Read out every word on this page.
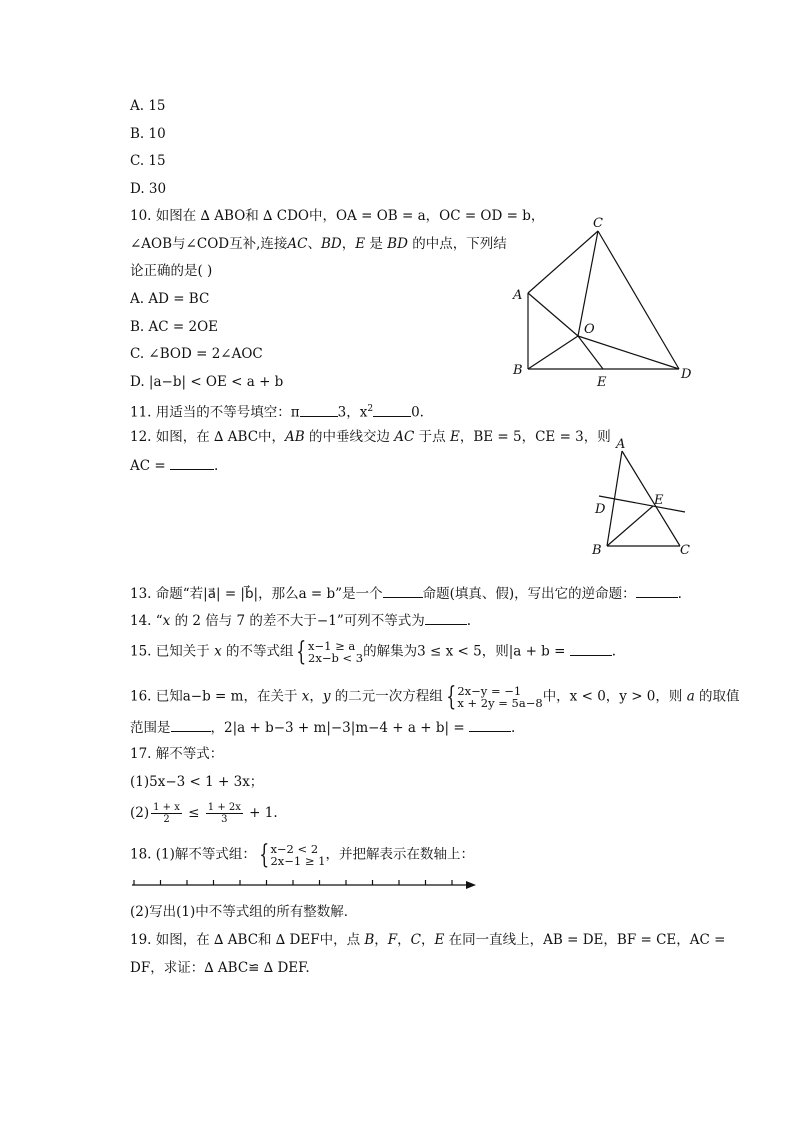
A. 15
B. 10
C. 15
D. 30
10. 如图在 ∆ ABO和 ∆ CDO中，OA = OB = a，OC = OD = b，
∠AOB与∠COD互补,连接AC、BD，E 是 BD 的中点，下列结
论正确的是( )
A. AD = BC
B. AC = 2OE
C. ∠BOD = 2∠AOC
D. |a−b| < OE < a + b
C
A
O
B
E
D
11. 用适当的不等号填空：π	3，$x^2$	0.
12. 如图，在 ∆ ABC中，AB 的中垂线交边 AC 于点 E，BE = 5，CE = 3，则
AC =	.
A
E
D
B	C
13. 命题“若|a⃗| = |b⃗|，那么a = b”是一个	命题(填真、假)，写出它的逆命题：	.
14. “x 的 2 倍与 7 的差不大于−1”可列不等式为	.
15. 已知关于 x 的不等式组 { x−1 ≥ a
2x−b < 3 的解集为3 ≤ x < 5，则|a + b =	.
16. 已知a−b = m，在关于 x，y 的二元一次方程组 { 2x−y = −1
x + 2y = 5a−8 中，x < 0，y > 0，则 a 的取值
范围是	，2|a + b−3 + m|−3|m−4 + a + b| =	.
17. 解不等式：
(1)5x−3 < 1 + 3x；
$(2) \frac{1 + x}{2} \le \frac{1 + 2x}{3} + 1$.
18. (1)解不等式组： { x−2 < 2
2x−1 ≥ 1 ，并把解表示在数轴上：
(2)写出(1)中不等式组的所有整数解．
19. 如图，在 ∆ ABC和 ∆ DEF中，点 B，F，C，E 在同一直线上，AB = DE，BF = CE，AC =
DF，求证：∆ ABC≌ ∆ DEF.
